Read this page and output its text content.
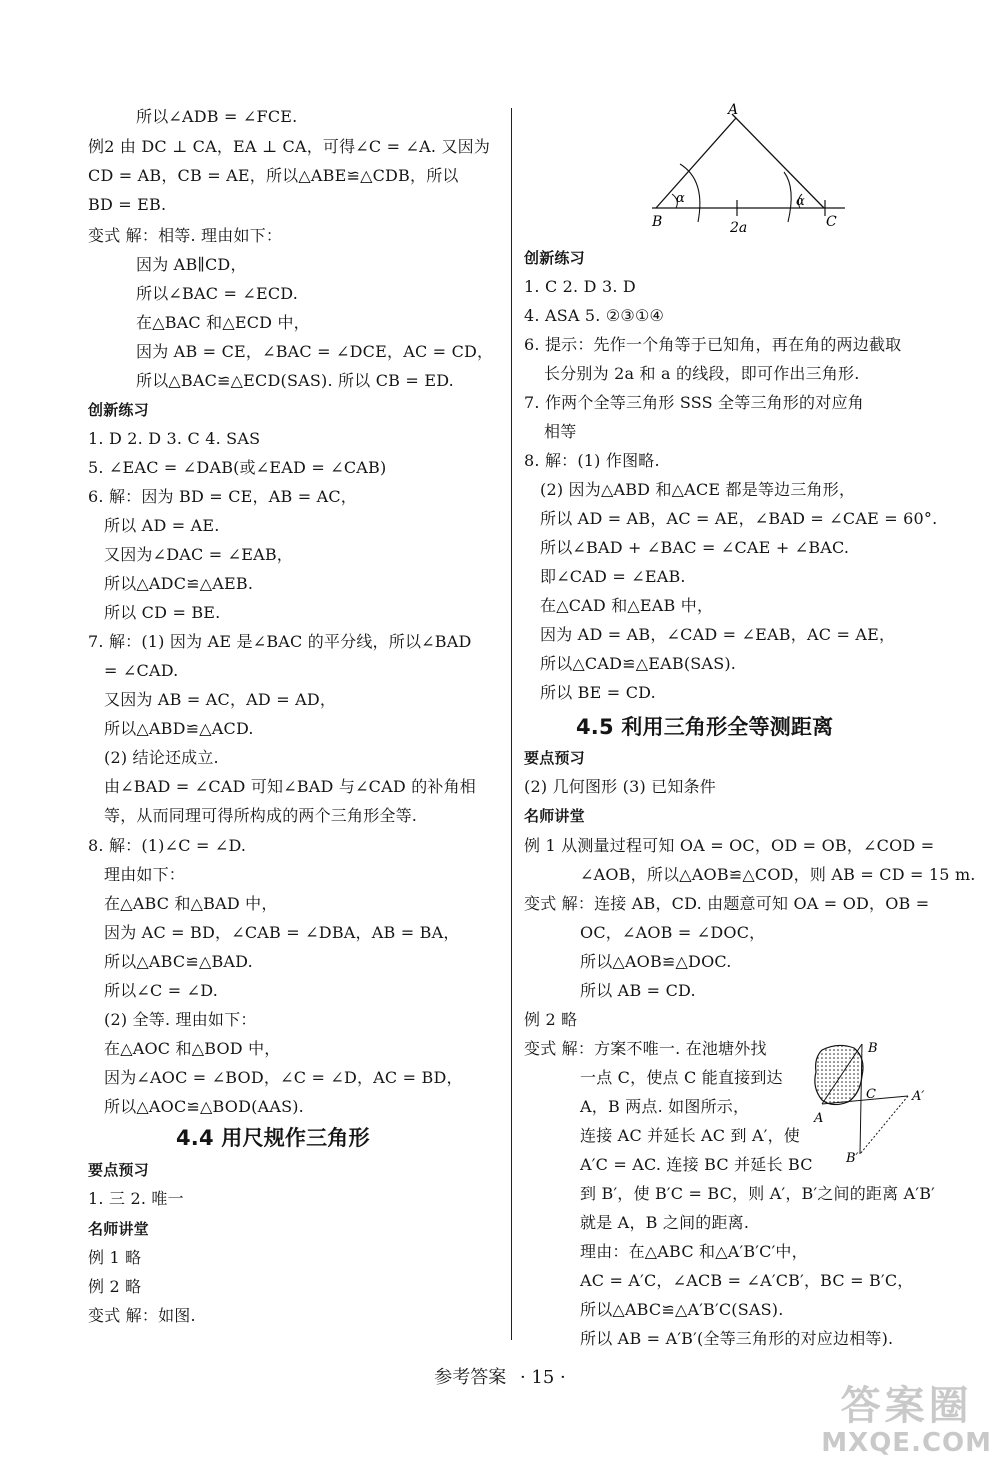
所以∠ADB = ∠FCE.
例2 由 DC ⊥ CA，EA ⊥ CA，可得∠C = ∠A. 又因为
CD = AB，CB = AE，所以△ABE≌△CDB，所以
BD = EB.
变式 解：相等. 理由如下：
因为 AB∥CD，
所以∠BAC = ∠ECD.
在△BAC 和△ECD 中，
因为 AB = CE，∠BAC = ∠DCE，AC = CD，
所以△BAC≌△ECD(SAS). 所以 CB = ED.
创新练习
1. D 2. D 3. C 4. SAS
5. ∠EAC = ∠DAB(或∠EAD = ∠CAB)
6. 解：因为 BD = CE，AB = AC，
所以 AD = AE.
又因为∠DAC = ∠EAB，
所以△ADC≌△AEB.
所以 CD = BE.
7. 解：(1) 因为 AE 是∠BAC 的平分线，所以∠BAD
= ∠CAD.
又因为 AB = AC，AD = AD，
所以△ABD≌△ACD.
(2) 结论还成立.
由∠BAD = ∠CAD 可知∠BAD 与∠CAD 的补角相
等，从而同理可得所构成的两个三角形全等.
8. 解：(1)∠C = ∠D.
理由如下：
在△ABC 和△BAD 中，
因为 AC = BD，∠CAB = ∠DBA，AB = BA，
所以△ABC≌△BAD.
所以∠C = ∠D.
(2) 全等. 理由如下：
在△AOC 和△BOD 中，
因为∠AOC = ∠BOD，∠C = ∠D，AC = BD，
所以△AOC≌△BOD(AAS).
4.4 用尺规作三角形
要点预习
1. 三 2. 唯一
名师讲堂
例 1 略
例 2 略
变式 解：如图.
A
B	C
α	α
2a
创新练习
1. C 2. D 3. D
4. ASA 5. ②③①④
6. 提示：先作一个角等于已知角，再在角的两边截取
长分别为 2a 和 a 的线段，即可作出三角形.
7. 作两个全等三角形 SSS 全等三角形的对应角
相等
8. 解：(1) 作图略.
(2) 因为△ABD 和△ACE 都是等边三角形，
所以 AD = AB，AC = AE，∠BAD = ∠CAE = 60°.
所以∠BAD + ∠BAC = ∠CAE + ∠BAC.
即∠CAD = ∠EAB.
在△CAD 和△EAB 中，
因为 AD = AB，∠CAD = ∠EAB，AC = AE，
所以△CAD≌△EAB(SAS).
所以 BE = CD.
4.5 利用三角形全等测距离
要点预习
(2) 几何图形 (3) 已知条件
名师讲堂
例 1 从测量过程可知 OA = OC，OD = OB，∠COD =
∠AOB，所以△AOB≌△COD，则 AB = CD = 15 m.
变式 解：连接 AB，CD. 由题意可知 OA = OD，OB =
OC，∠AOB = ∠DOC，
所以△AOB≌△DOC.
所以 AB = CD.
例 2 略
变式 解：方案不唯一. 在池塘外找
一点 C，使点 C 能直接到达
A，B 两点. 如图所示，
连接 AC 并延长 AC 到 A′，使
A′C = AC. 连接 BC 并延长 BC
到 B′，使 B′C = BC，则 A′，B′之间的距离 A′B′
就是 A，B 之间的距离.
理由：在△ABC 和△A′B′C′中，
AC = A′C，∠ACB = ∠A′CB′，BC = B′C，
所以△ABC≌△A′B′C(SAS).
所以 AB = A′B′(全等三角形的对应边相等).
B
C
A
A′
B′
参考答案 · 15 ·
答案圈
MXQE.COM
